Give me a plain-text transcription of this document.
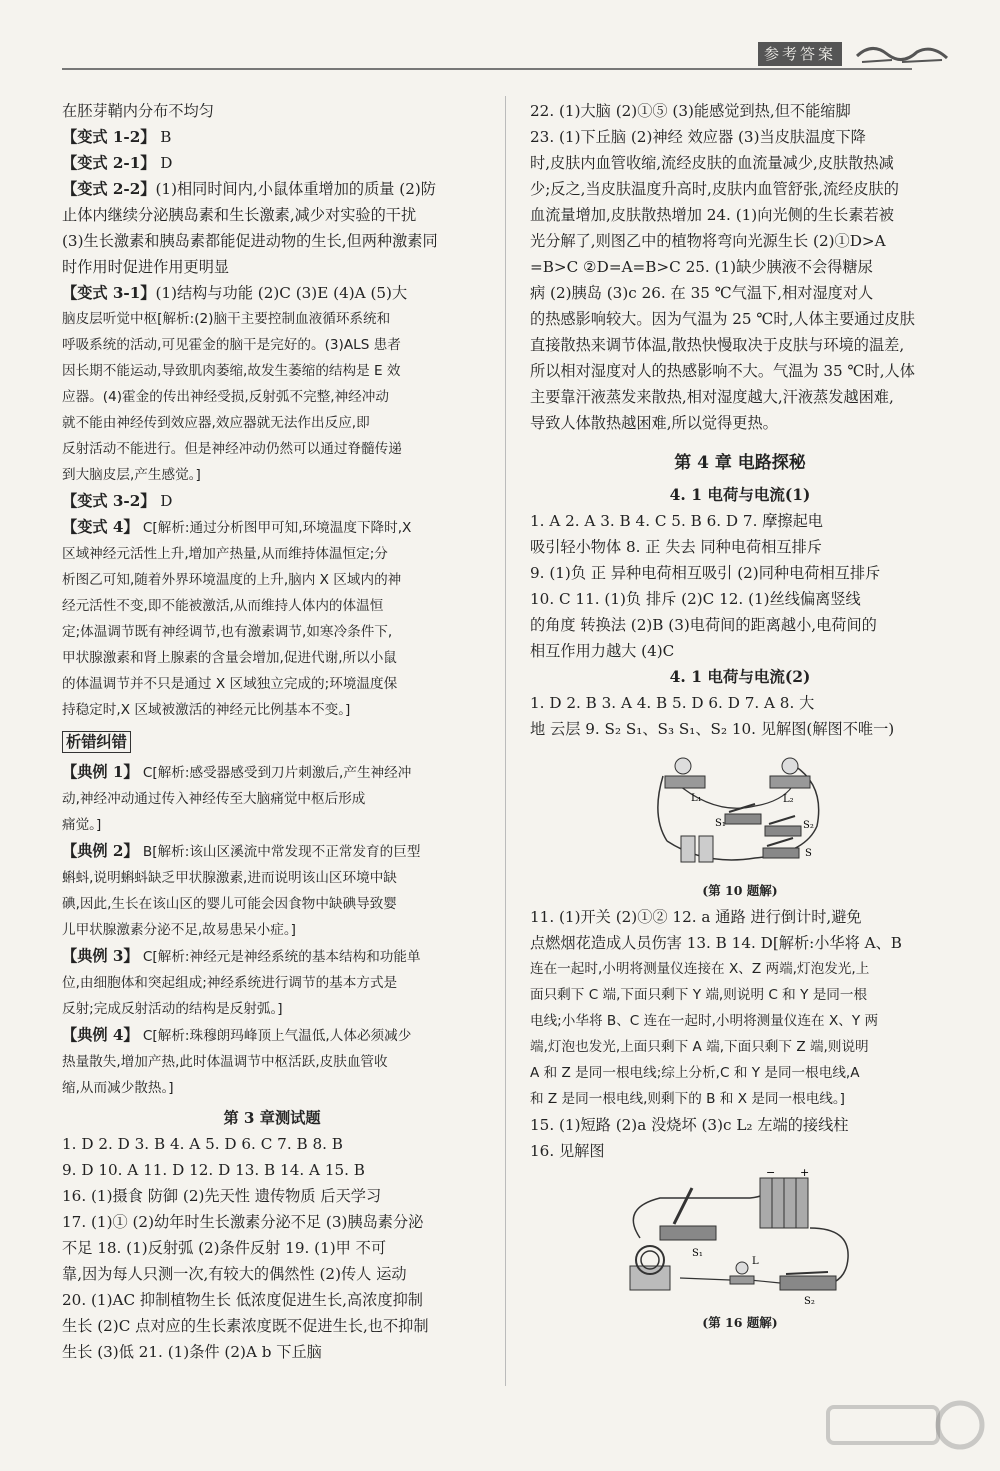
参考答案

在胚芽鞘内分布不均匀

【变式 1-2】 B

【变式 2-1】 D

【变式 2-2】(1)相同时间内,小鼠体重增加的质量 (2)防

止体内继续分泌胰岛素和生长激素,减少对实验的干扰

(3)生长激素和胰岛素都能促进动物的生长,但两种激素同

时作用时促进作用更明显

【变式 3-1】(1)结构与功能 (2)C (3)E (4)A (5)大

脑皮层听觉中枢[解析:(2)脑干主要控制血液循环系统和

呼吸系统的活动,可见霍金的脑干是完好的。(3)ALS 患者

因长期不能运动,导致肌肉萎缩,故发生萎缩的结构是 E 效

应器。(4)霍金的传出神经受损,反射弧不完整,神经冲动

就不能由神经传到效应器,效应器就无法作出反应,即

反射活动不能进行。但是神经冲动仍然可以通过脊髓传递

到大脑皮层,产生感觉。]

【变式 3-2】 D

【变式 4】 C[解析:通过分析图甲可知,环境温度下降时,X

区域神经元活性上升,增加产热量,从而维持体温恒定;分

析图乙可知,随着外界环境温度的上升,脑内 X 区域内的神

经元活性不变,即不能被激活,从而维持人体内的体温恒

定;体温调节既有神经调节,也有激素调节,如寒冷条件下,

甲状腺激素和肾上腺素的含量会增加,促进代谢,所以小鼠

的体温调节并不只是通过 X 区域独立完成的;环境温度保

持稳定时,X 区域被激活的神经元比例基本不变。]

析错纠错

【典例 1】 C[解析:感受器感受到刀片刺激后,产生神经冲

动,神经冲动通过传入神经传至大脑痛觉中枢后形成

痛觉。]

【典例 2】 B[解析:该山区溪流中常发现不正常发育的巨型

蝌蚪,说明蝌蚪缺乏甲状腺激素,进而说明该山区环境中缺

碘,因此,生长在该山区的婴儿可能会因食物中缺碘导致婴

儿甲状腺激素分泌不足,故易患呆小症。]

【典例 3】 C[解析:神经元是神经系统的基本结构和功能单

位,由细胞体和突起组成;神经系统进行调节的基本方式是

反射;完成反射活动的结构是反射弧。]

【典例 4】 C[解析:珠穆朗玛峰顶上气温低,人体必须减少

热量散失,增加产热,此时体温调节中枢活跃,皮肤血管收

缩,从而减少散热。]

第 3 章测试题

1. D 2. D 3. B 4. A 5. D 6. C 7. B 8. B

9. D 10. A 11. D 12. D 13. B 14. A 15. B

16. (1)摄食 防御 (2)先天性 遗传物质 后天学习

17. (1)① (2)幼年时生长激素分泌不足 (3)胰岛素分泌

不足 18. (1)反射弧 (2)条件反射 19. (1)甲 不可

靠,因为每人只测一次,有较大的偶然性 (2)传人 运动

20. (1)AC 抑制植物生长 低浓度促进生长,高浓度抑制

生长 (2)C 点对应的生长素浓度既不促进生长,也不抑制

生长 (3)低 21. (1)条件 (2)A b 下丘脑

22. (1)大脑 (2)①⑤ (3)能感觉到热,但不能缩脚

23. (1)下丘脑 (2)神经 效应器 (3)当皮肤温度下降

时,皮肤内血管收缩,流经皮肤的血流量减少,皮肤散热减

少;反之,当皮肤温度升高时,皮肤内血管舒张,流经皮肤的

血流量增加,皮肤散热增加 24. (1)向光侧的生长素若被

光分解了,则图乙中的植物将弯向光源生长 (2)①D>A

=B>C ②D=A=B>C 25. (1)缺少胰液不会得糖尿

病 (2)胰岛 (3)c 26. 在 35 ℃气温下,相对湿度对人

的热感影响较大。因为气温为 25 ℃时,人体主要通过皮肤

直接散热来调节体温,散热快慢取决于皮肤与环境的温差,

所以相对湿度对人的热感影响不大。气温为 35 ℃时,人体

主要靠汗液蒸发来散热,相对湿度越大,汗液蒸发越困难,

导致人体散热越困难,所以觉得更热。

第 4 章 电路探秘

4. 1 电荷与电流(1)

1. A 2. A 3. B 4. C 5. B 6. D 7. 摩擦起电

吸引轻小物体 8. 正 失去 同种电荷相互排斥

9. (1)负 正 异种电荷相互吸引 (2)同种电荷相互排斥

10. C 11. (1)负 排斥 (2)C 12. (1)丝线偏离竖线

的角度 转换法 (2)B (3)电荷间的距离越小,电荷间的

相互作用力越大 (4)C

4. 1 电荷与电流(2)

1. D 2. B 3. A 4. B 5. D 6. D 7. A 8. 大

地 云层 9. S₂ S₁、S₃ S₁、S₂ 10. 见解图(解图不唯一)

L₁	L₂
S₁	S₂
S

(第 10 题解)

11. (1)开关 (2)①② 12. a 通路 进行倒计时,避免

点燃烟花造成人员伤害 13. B 14. D[解析:小华将 A、B

连在一起时,小明将测量仪连接在 X、Z 两端,灯泡发光,上

面只剩下 C 端,下面只剩下 Y 端,则说明 C 和 Y 是同一根

电线;小华将 B、C 连在一起时,小明将测量仪连在 X、Y 两

端,灯泡也发光,上面只剩下 A 端,下面只剩下 Z 端,则说明

A 和 Z 是同一根电线;综上分析,C 和 Y 是同一根电线,A

和 Z 是同一根电线,则剩下的 B 和 X 是同一根电线。]

15. (1)短路 (2)a 没烧坏 (3)c L₂ 左端的接线柱

16. 见解图

+
−
S₁
L
S₂

(第 16 题解)
